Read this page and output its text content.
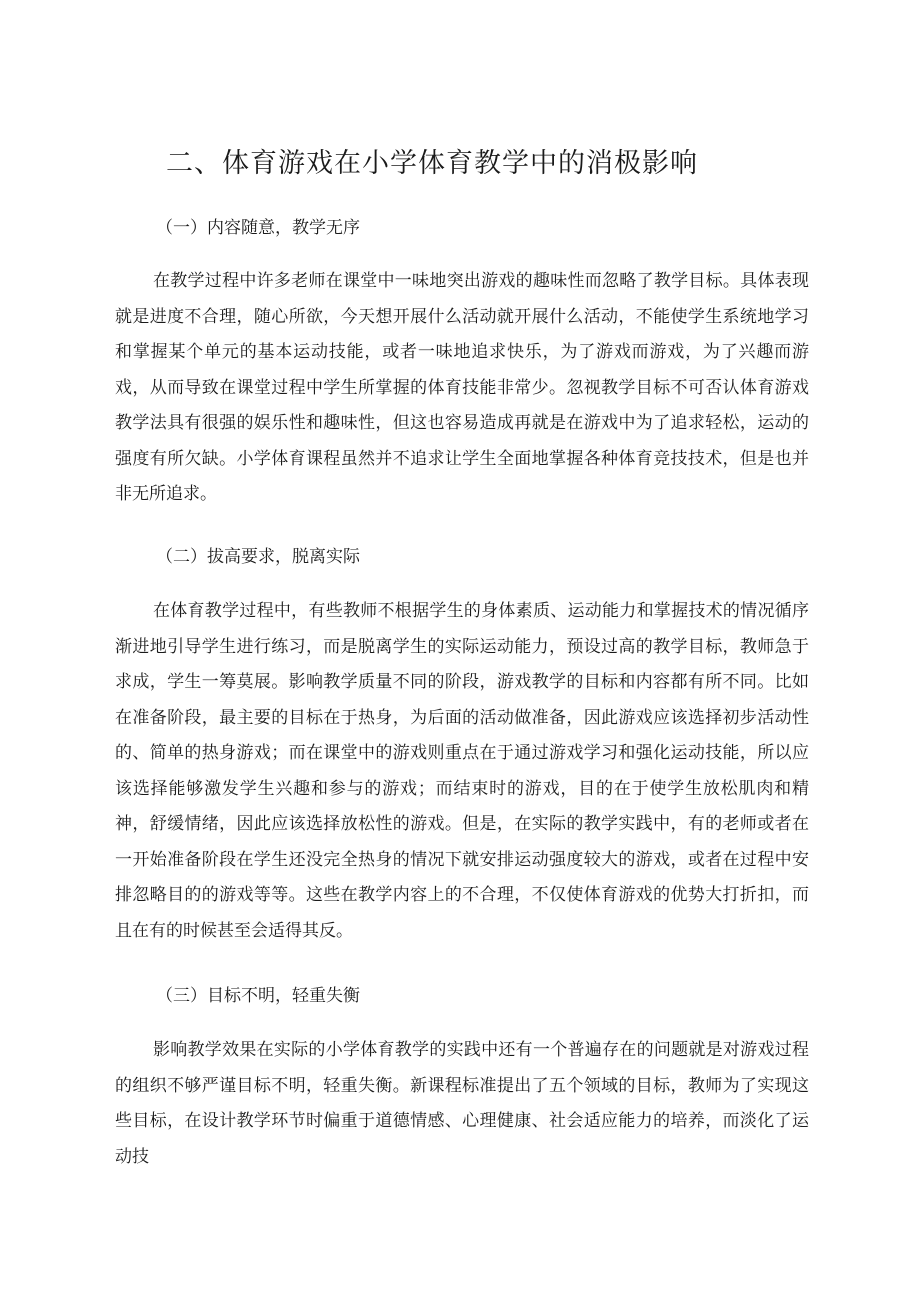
二、体育游戏在小学体育教学中的消极影响
（一）内容随意，教学无序

在教学过程中许多老师在课堂中一味地突出游戏的趣味性而忽略了教学目标。具体表现就是进度不合理，随心所欲，今天想开展什么活动就开展什么活动，不能使学生系统地学习和掌握某个单元的基本运动技能，或者一味地追求快乐，为了游戏而游戏，为了兴趣而游戏，从而导致在课堂过程中学生所掌握的体育技能非常少。忽视教学目标不可否认体育游戏教学法具有很强的娱乐性和趣味性，但这也容易造成再就是在游戏中为了追求轻松，运动的强度有所欠缺。小学体育课程虽然并不追求让学生全面地掌握各种体育竞技技术，但是也并非无所追求。

（二）拔高要求，脱离实际

在体育教学过程中，有些教师不根据学生的身体素质、运动能力和掌握技术的情况循序渐进地引导学生进行练习，而是脱离学生的实际运动能力，预设过高的教学目标，教师急于求成，学生一筹莫展。影响教学质量不同的阶段，游戏教学的目标和内容都有所不同。比如在准备阶段，最主要的目标在于热身，为后面的活动做准备，因此游戏应该选择初步活动性的、简单的热身游戏；而在课堂中的游戏则重点在于通过游戏学习和强化运动技能，所以应该选择能够激发学生兴趣和参与的游戏；而结束时的游戏，目的在于使学生放松肌肉和精神，舒缓情绪，因此应该选择放松性的游戏。但是，在实际的教学实践中，有的老师或者在一开始准备阶段在学生还没完全热身的情况下就安排运动强度较大的游戏，或者在过程中安排忽略目的的游戏等等。这些在教学内容上的不合理，不仅使体育游戏的优势大打折扣，而且在有的时候甚至会适得其反。

（三）目标不明，轻重失衡

影响教学效果在实际的小学体育教学的实践中还有一个普遍存在的问题就是对游戏过程的组织不够严谨目标不明，轻重失衡。新课程标准提出了五个领域的目标，教师为了实现这些目标，在设计教学环节时偏重于道德情感、心理健康、社会适应能力的培养，而淡化了运动技
